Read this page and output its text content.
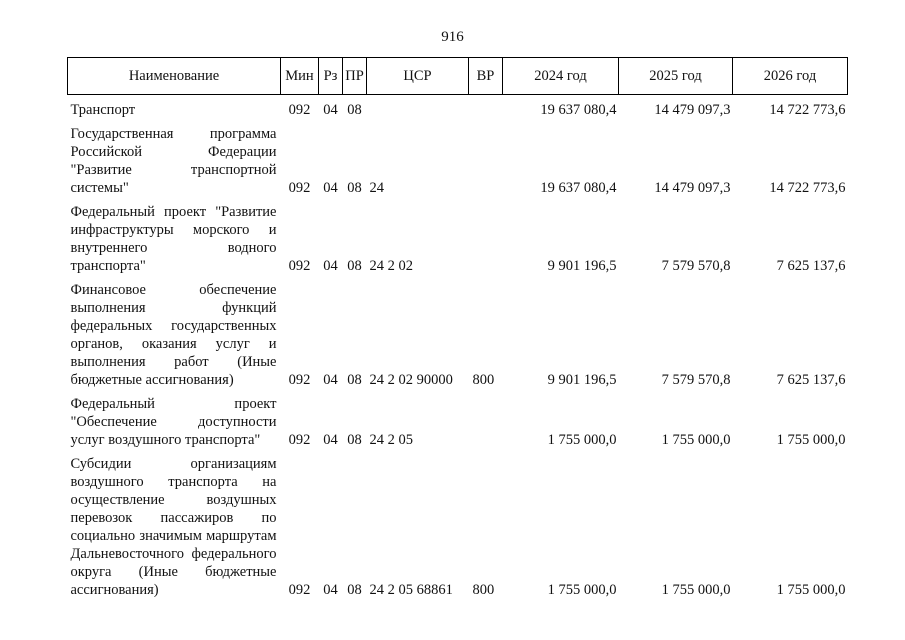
916
Наименование	Мин	Рз	ПР	ЦСР	ВР	2024 год	2025 год	2026 год
Транспорт	092	04	08			19 637 080,4	14 479 097,3	14 722 773,6
Государственная программа Российской Федерации "Развитие транспортной системы"	092	04	08	24		19 637 080,4	14 479 097,3	14 722 773,6
Федеральный проект "Развитие инфраструктуры морского и внутреннего водного транспорта"	092	04	08	24 2 02		9 901 196,5	7 579 570,8	7 625 137,6
Финансовое обеспечение выполнения функций федеральных государственных органов, оказания услуг и выполнения работ (Иные бюджетные ассигнования)	092	04	08	24 2 02 90000	800	9 901 196,5	7 579 570,8	7 625 137,6
Федеральный проект "Обеспечение доступности услуг воздушного транспорта"	092	04	08	24 2 05		1 755 000,0	1 755 000,0	1 755 000,0
Субсидии организациям воздушного транспорта на осуществление воздушных перевозок пассажиров по социально значимым маршрутам Дальневосточного федерального округа (Иные бюджетные ассигнования)	092	04	08	24 2 05 68861	800	1 755 000,0	1 755 000,0	1 755 000,0
